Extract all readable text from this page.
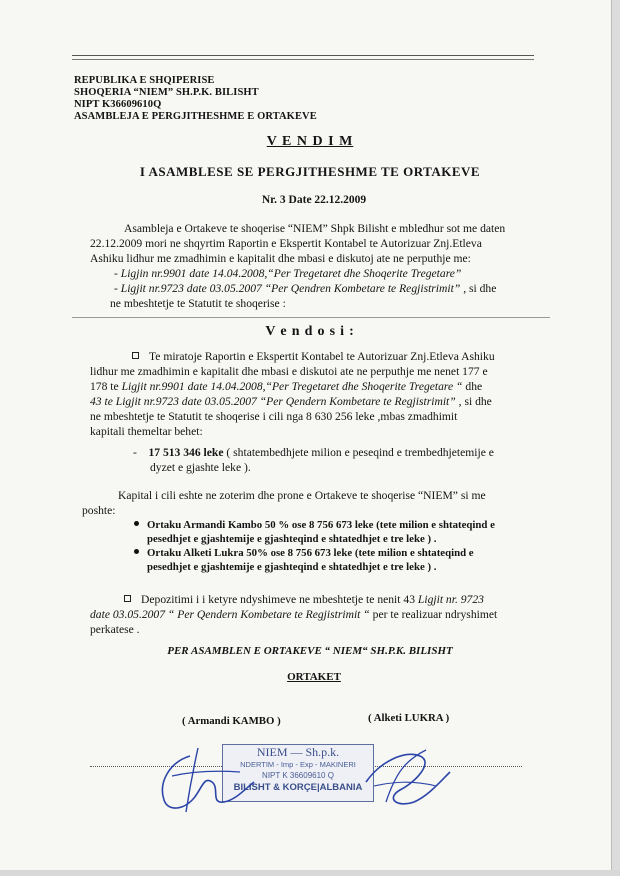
REPUBLIKA E SHQIPERISE
SHOQERIA “NIEM” SH.P.K. BILISHT
NIPT K36609610Q
ASAMBLEJA E PERGJITHESHME E ORTAKEVE
V E N D I M
I ASAMBLESE SE PERGJITHESHME TE ORTAKEVE
Nr. 3 Date 22.12.2009
Asambleja e Ortakeve te shoqerise “NIEM” Shpk Bilisht e mbledhur sot me daten
22.12.2009 mori ne shqyrtim Raportin e Ekspertit Kontabel te Autorizuar Znj.Etleva
Ashiku lidhur me zmadhimin e kapitalit dhe mbasi e diskutoj ate ne perputhje me:
- Ligjin nr.9901 date 14.04.2008,“Per Tregetaret dhe Shoqerite Tregetare”
- Ligjit nr.9723 date 03.05.2007 “Per Qendren Kombetare te Regjistrimit” , si dhe
ne mbeshtetje te Statutit te shoqerise :
V e n d o s i :
Te miratoje Raportin e Ekspertit Kontabel te Autorizuar Znj.Etleva Ashiku
lidhur me zmadhimin e kapitalit dhe mbasi e diskutoi ate ne perputhje me nenet 177 e
178 te Ligjit nr.9901 date 14.04.2008,“Per Tregetaret dhe Shoqerite Tregetare “ dhe
43 te Ligjit nr.9723 date 03.05.2007 “Per Qendern Kombetare te Regjistrimit” , si dhe
ne mbeshtetje te Statutit te shoqerise i cili nga 8 630 256 leke ,mbas zmadhimit
kapitali themeltar behet:
-    17 513 346 leke ( shtatembedhjete milion e peseqind e trembedhjetemije e
dyzet e gjashte leke ).
Kapital i cili eshte ne zoterim dhe prone e Ortakeve te shoqerise “NIEM” si me
poshte:
Ortaku Armandi Kambo 50 % ose 8 756 673 leke (tete milion e shtateqind e
pesedhjet e gjashtemije e gjashteqind e shtatedhjet e tre leke ) .
Ortaku Alketi Lukra 50% ose 8 756 673 leke (tete milion e shtateqind e
pesedhjet e gjashtemije e gjashteqind e shtatedhjet e tre leke ) .
Depozitimi i i ketyre ndyshimeve ne mbeshtetje te nenit 43 Ligjit nr. 9723
date 03.05.2007 “ Per Qendern Kombetare te Regjistrimit “ per te realizuar ndryshimet
perkatese .
PER ASAMBLEN E ORTAKEVE “ NIEM“ SH.P.K. BILISHT
ORTAKET
( Armandi KAMBO )	( Alketi LUKRA )
NIEM — Sh.p.k.
NDERTIM - Imp - Exp - MAKINERI
NIPT K 36609610 Q
BILISHT & KORÇE|ALBANIA
